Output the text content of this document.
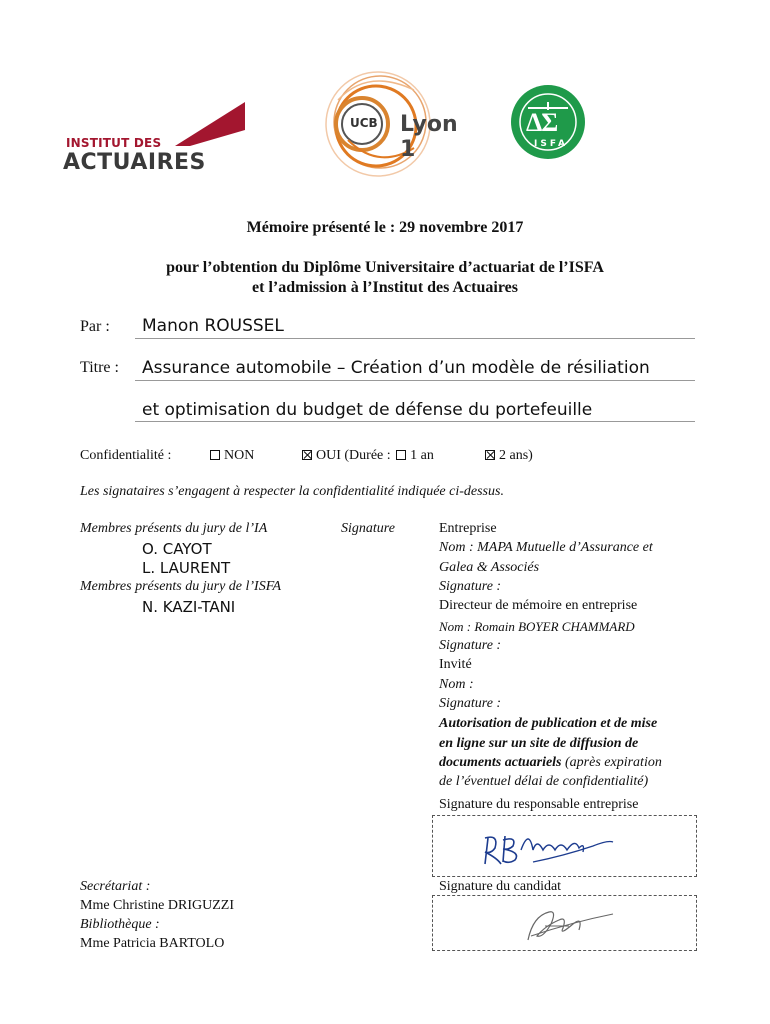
INSTITUT DES
ACTUAIRES
UCB Lyon 1
ΔΣ
ISFA
Mémoire présenté le : 29 novembre 2017
pour l’obtention du Diplôme Universitaire d’actuariat de l’ISFA
et l’admission à l’Institut des Actuaires
Par : Manon ROUSSEL
Titre : Assurance automobile – Création d’un modèle de résiliation
et optimisation du budget de défense du portefeuille
Confidentialité :	NON	OUI (Durée : 1 an	2 ans)
Les signataires s’engagent à respecter la confidentialité indiquée ci-dessus.
Membres présents du jury de l’IA	Signature
O. CAYOT
L. LAURENT
Membres présents du jury de l’ISFA
N. KAZI-TANI
Entreprise
Nom : MAPA Mutuelle d’Assurance et
Galea & Associés
Signature :
Directeur de mémoire en entreprise
Nom : Romain BOYER CHAMMARD
Signature :
Invité
Nom :
Signature :
Autorisation de publication et de mise
en ligne sur un site de diffusion de
documents actuariels (après expiration
de l’éventuel délai de confidentialité)
Signature du responsable entreprise
Signature du candidat
Secrétariat :
Mme Christine DRIGUZZI
Bibliothèque :
Mme Patricia BARTOLO
